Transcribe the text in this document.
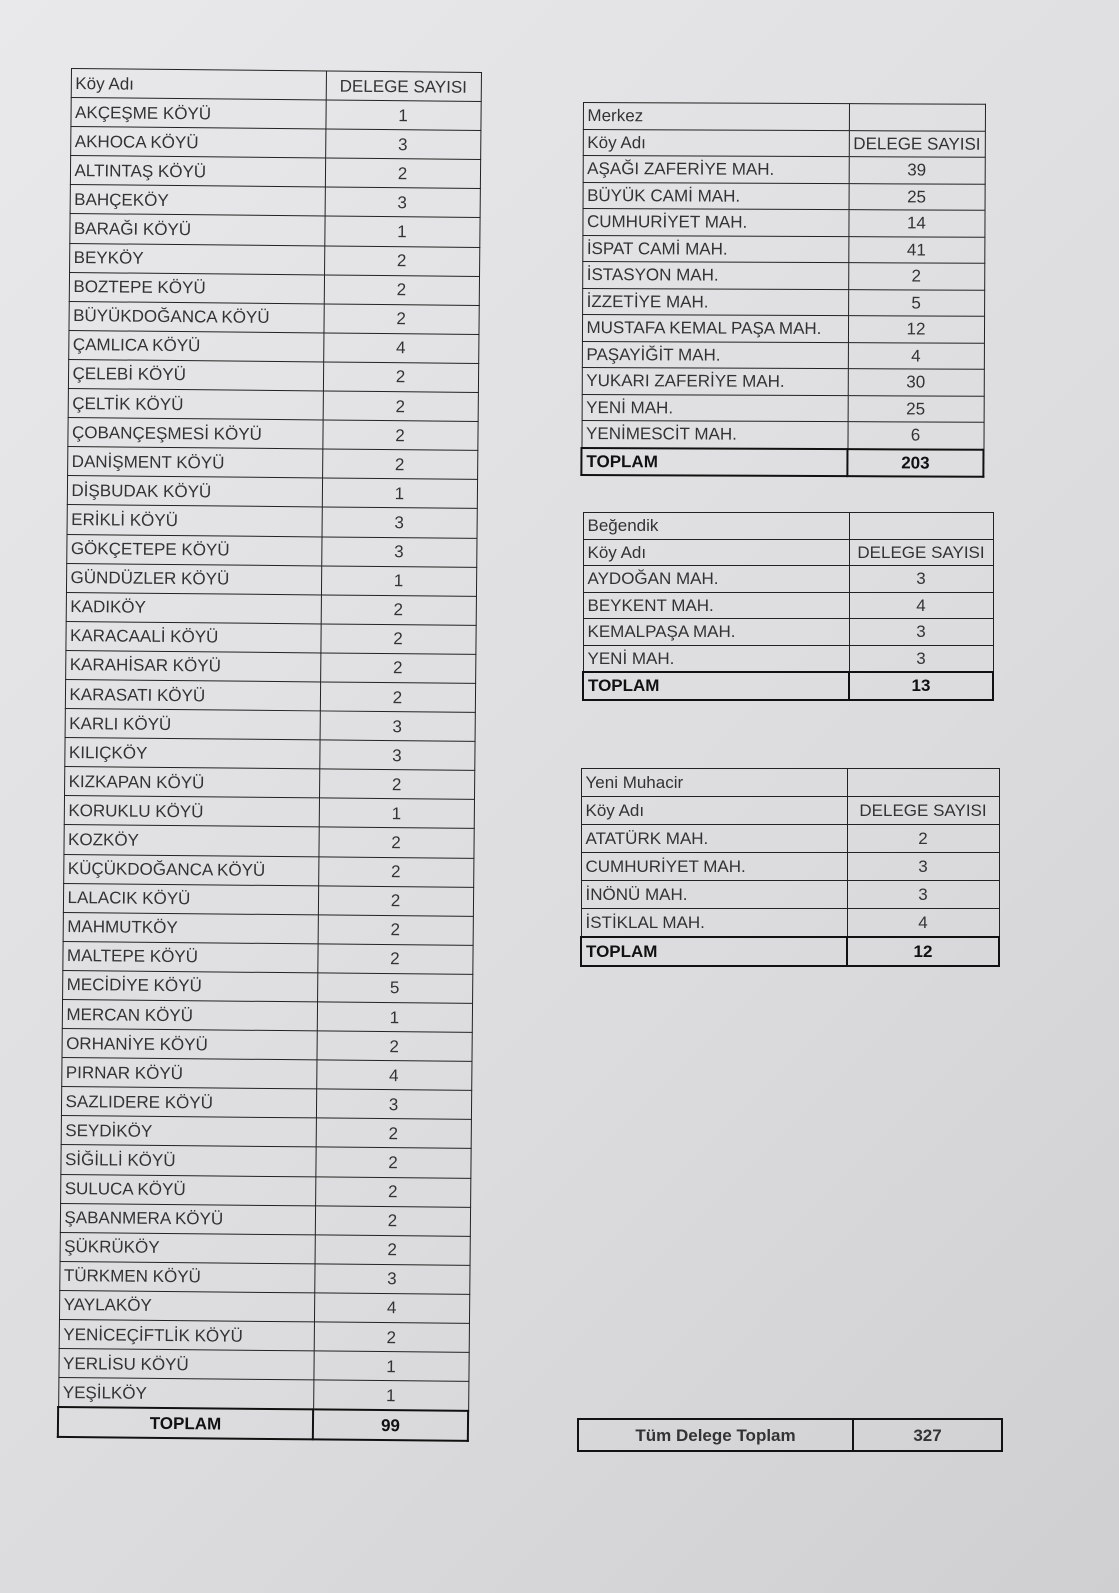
Köy Adı	DELEGE SAYISI
AKÇEŞME KÖYÜ	1
AKHOCA KÖYÜ	3
ALTINTAŞ KÖYÜ	2
BAHÇEKÖY	3
BARAĞI KÖYÜ	1
BEYKÖY	2
BOZTEPE KÖYÜ	2
BÜYÜKDOĞANCA KÖYÜ	2
ÇAMLICA KÖYÜ	4
ÇELEBİ KÖYÜ	2
ÇELTİK KÖYÜ	2
ÇOBANÇEŞMESİ KÖYÜ	2
DANİŞMENT KÖYÜ	2
DİŞBUDAK KÖYÜ	1
ERİKLİ KÖYÜ	3
GÖKÇETEPE KÖYÜ	3
GÜNDÜZLER KÖYÜ	1
KADIKÖY	2
KARACAALİ KÖYÜ	2
KARAHİSAR KÖYÜ	2
KARASATI KÖYÜ	2
KARLI KÖYÜ	3
KILIÇKÖY	3
KIZKAPAN KÖYÜ	2
KORUKLU KÖYÜ	1
KOZKÖY	2
KÜÇÜKDOĞANCA KÖYÜ	2
LALACIK KÖYÜ	2
MAHMUTKÖY	2
MALTEPE KÖYÜ	2
MECİDİYE KÖYÜ	5
MERCAN KÖYÜ	1
ORHANİYE KÖYÜ	2
PIRNAR KÖYÜ	4
SAZLIDERE KÖYÜ	3
SEYDİKÖY	2
SİĞİLLİ KÖYÜ	2
SULUCA KÖYÜ	2
ŞABANMERA KÖYÜ	2
ŞÜKRÜKÖY	2
TÜRKMEN KÖYÜ	3
YAYLAKÖY	4
YENİCEÇİFTLİK KÖYÜ	2
YERLİSU KÖYÜ	1
YEŞİLKÖY	1
TOPLAM	99
Merkez	
Köy Adı	DELEGE SAYISI
AŞAĞI ZAFERİYE MAH.	39
BÜYÜK CAMİ MAH.	25
CUMHURİYET MAH.	14
İSPAT CAMİ MAH.	41
İSTASYON MAH.	2
İZZETİYE MAH.	5
MUSTAFA KEMAL PAŞA MAH.	12
PAŞAYİĞİT MAH.	4
YUKARI ZAFERİYE MAH.	30
YENİ MAH.	25
YENİMESCİT MAH.	6
TOPLAM	203
Beğendik	
Köy Adı	DELEGE SAYISI
AYDOĞAN MAH.	3
BEYKENT MAH.	4
KEMALPAŞA MAH.	3
YENİ MAH.	3
TOPLAM	13
Yeni Muhacir	
Köy Adı	DELEGE SAYISI
ATATÜRK MAH.	2
CUMHURİYET MAH.	3
İNÖNÜ MAH.	3
İSTİKLAL MAH.	4
TOPLAM	12
Tüm Delege Toplam	327
